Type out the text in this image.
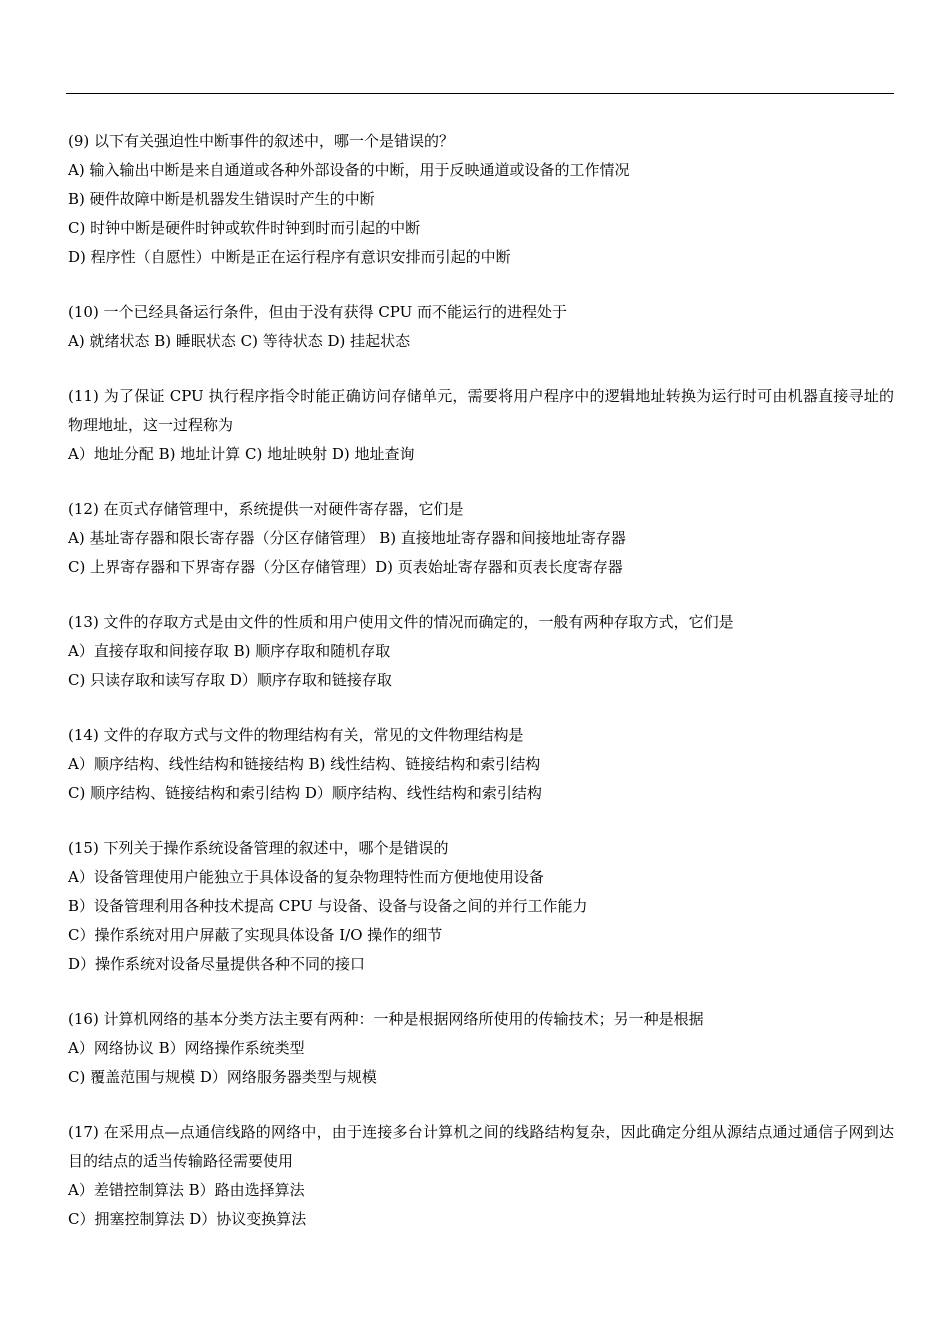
(9) 以下有关强迫性中断事件的叙述中，哪一个是错误的？
A) 输入输出中断是来自通道或各种外部设备的中断，用于反映通道或设备的工作情况
B) 硬件故障中断是机器发生错误时产生的中断
C) 时钟中断是硬件时钟或软件时钟到时而引起的中断
D) 程序性（自愿性）中断是正在运行程序有意识安排而引起的中断
(10) 一个已经具备运行条件，但由于没有获得 CPU 而不能运行的进程处于
A) 就绪状态 B) 睡眠状态 C) 等待状态 D) 挂起状态
(11) 为了保证 CPU 执行程序指令时能正确访问存储单元，需要将用户程序中的逻辑地址转换为运行时可由机器直接寻址的物理地址，这一过程称为
A）地址分配 B) 地址计算 C) 地址映射 D) 地址查询
(12) 在页式存储管理中，系统提供一对硬件寄存器，它们是
A) 基址寄存器和限长寄存器（分区存储管理） B) 直接地址寄存器和间接地址寄存器
C) 上界寄存器和下界寄存器（分区存储管理）D) 页表始址寄存器和页表长度寄存器
(13) 文件的存取方式是由文件的性质和用户使用文件的情况而确定的，一般有两种存取方式，它们是
A）直接存取和间接存取 B) 顺序存取和随机存取
C) 只读存取和读写存取 D）顺序存取和链接存取
(14) 文件的存取方式与文件的物理结构有关，常见的文件物理结构是
A）顺序结构、线性结构和链接结构 B) 线性结构、链接结构和索引结构
C) 顺序结构、链接结构和索引结构 D）顺序结构、线性结构和索引结构
(15) 下列关于操作系统设备管理的叙述中，哪个是错误的
A）设备管理使用户能独立于具体设备的复杂物理特性而方便地使用设备
B）设备管理利用各种技术提高 CPU 与设备、设备与设备之间的并行工作能力
C）操作系统对用户屏蔽了实现具体设备 I/O 操作的细节
D）操作系统对设备尽量提供各种不同的接口
(16) 计算机网络的基本分类方法主要有两种：一种是根据网络所使用的传输技术；另一种是根据
A）网络协议 B）网络操作系统类型
C) 覆盖范围与规模 D）网络服务器类型与规模
(17) 在采用点—点通信线路的网络中，由于连接多台计算机之间的线路结构复杂，因此确定分组从源结点通过通信子网到达目的结点的适当传输路径需要使用
A）差错控制算法 B）路由选择算法
C）拥塞控制算法 D）协议变换算法
